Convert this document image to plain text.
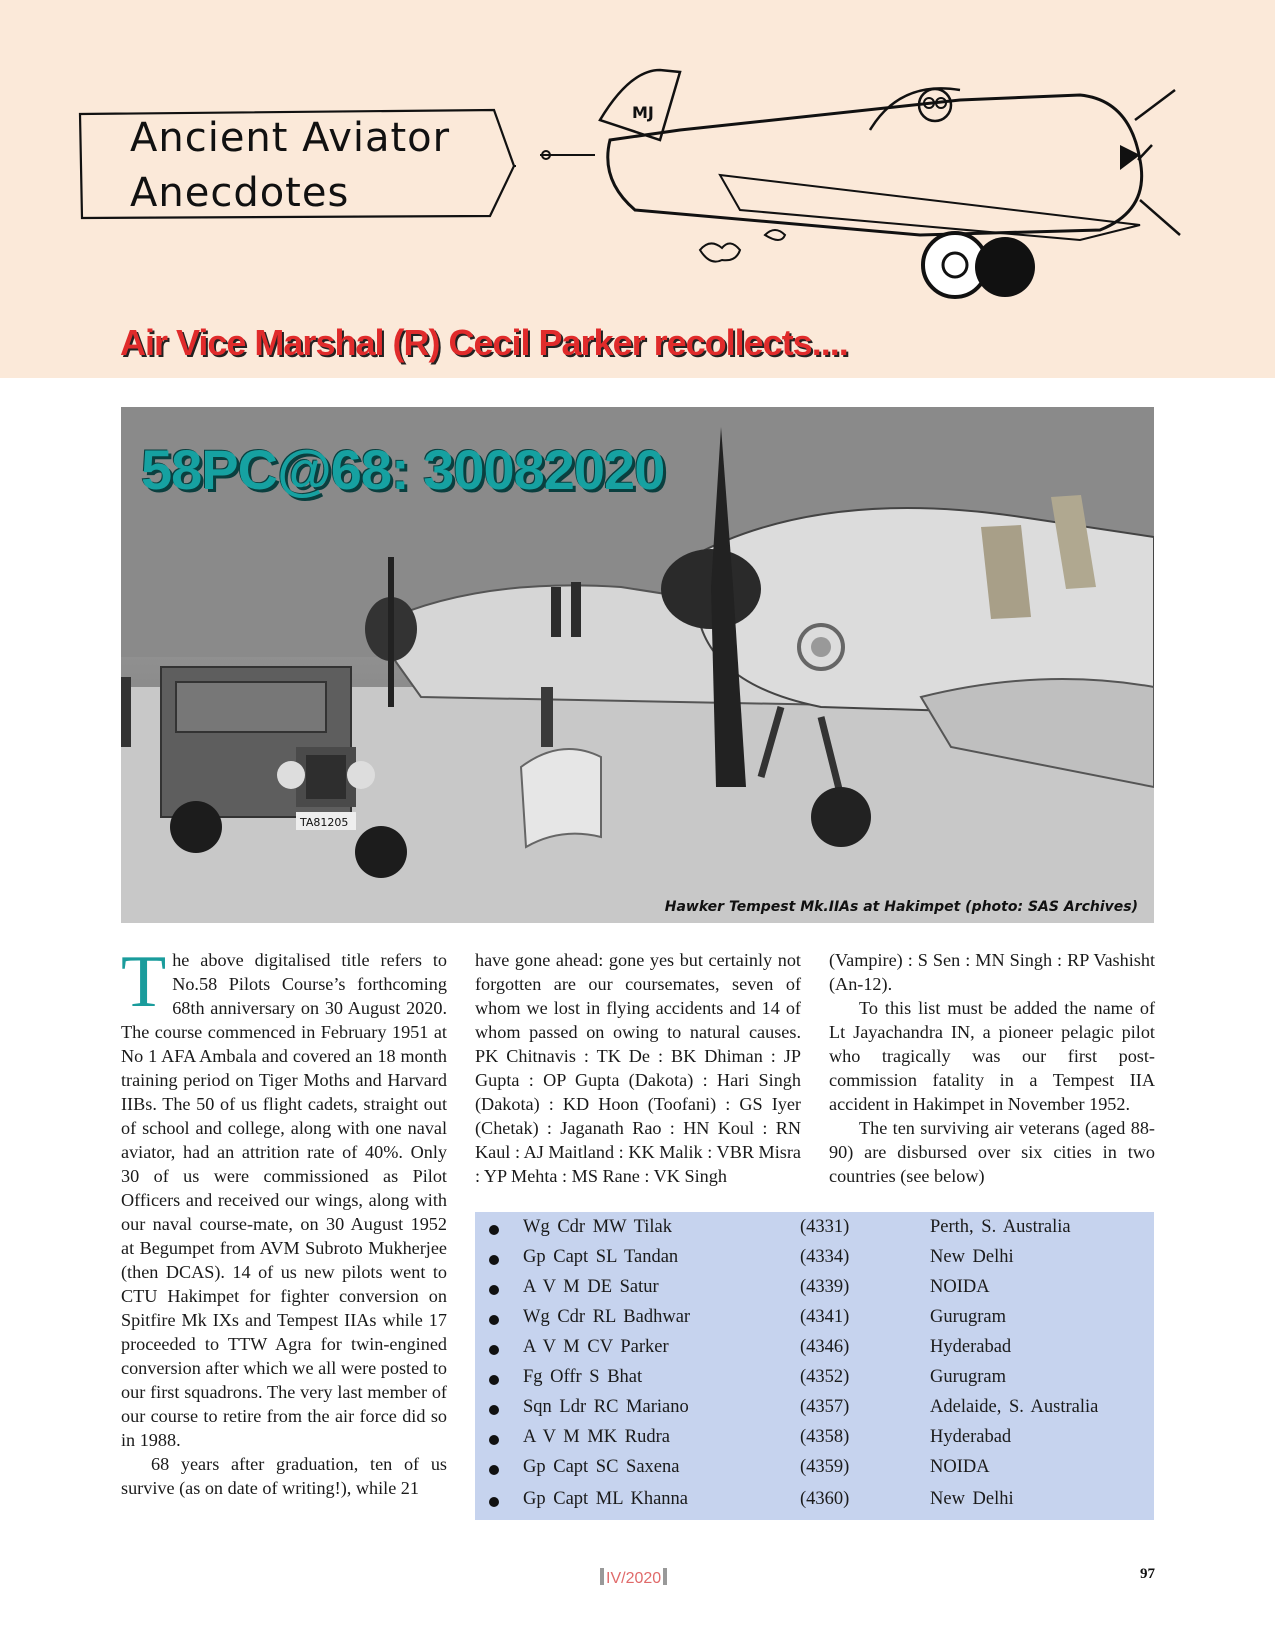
Ancient Aviator
Anecdotes
MJ
Air Vice Marshal (R) Cecil Parker recollects....
TA81205
58PC@68: 30082020
Hawker Tempest Mk.IIAs at Hakimpet (photo: SAS Archives)

The above digitalised title refers to No.58 Pilots Course’s forthcoming 68th anniversary on 30 August 2020. The course commenced in February 1951 at No 1 AFA Ambala and covered an 18 month training period on Tiger Moths and Harvard IIBs. The 50 of us flight cadets, straight out of school and college, along with one naval aviator, had an attrition rate of 40%. Only 30 of us were commissioned as Pilot Officers and received our wings, along with our naval course-mate, on 30 August 1952 at Begumpet from AVM Subroto Mukherjee (then DCAS). 14 of us new pilots went to CTU Hakimpet for fighter conversion on Spitfire Mk IXs and Tempest IIAs while 17 proceeded to TTW Agra for twin-engined conversion after which we all were posted to our first squadrons. The very last member of our course to retire from the air force did so in 1988.

68 years after graduation, ten of us survive (as on date of writing!), while 21

have gone ahead: gone yes but certainly not forgotten are our coursemates, seven of whom we lost in flying accidents and 14 of whom passed on owing to natural causes. PK Chitnavis : TK De : BK Dhiman : JP Gupta : OP Gupta (Dakota) : Hari Singh (Dakota) : KD Hoon (Toofani) : GS Iyer (Chetak) : Jaganath Rao : HN Koul : RN Kaul : AJ Maitland : KK Malik : VBR Misra : YP Mehta : MS Rane : VK Singh

(Vampire) : S Sen : MN Singh : RP Vashisht (An-12).

To this list must be added the name of Lt Jayachandra IN, a pioneer pelagic pilot who tragically was our first post-commission fatality in a Tempest IIA accident in Hakimpet in November 1952.

The ten surviving air veterans (aged 88-90) are disbursed over six cities in two countries (see below)

Wg Cdr MW Tilak	(4331)	Perth, S. Australia
Gp Capt SL Tandan	(4334)	New Delhi
A V M DE Satur	(4339)	NOIDA
Wg Cdr RL Badhwar	(4341)	Gurugram
A V M CV Parker	(4346)	Hyderabad
Fg Offr S Bhat	(4352)	Gurugram
Sqn Ldr RC Mariano	(4357)	Adelaide, S. Australia
A V M MK Rudra	(4358)	Hyderabad
Gp Capt SC Saxena	(4359)	NOIDA
Gp Capt ML Khanna	(4360)	New Delhi
IV/2020	97
